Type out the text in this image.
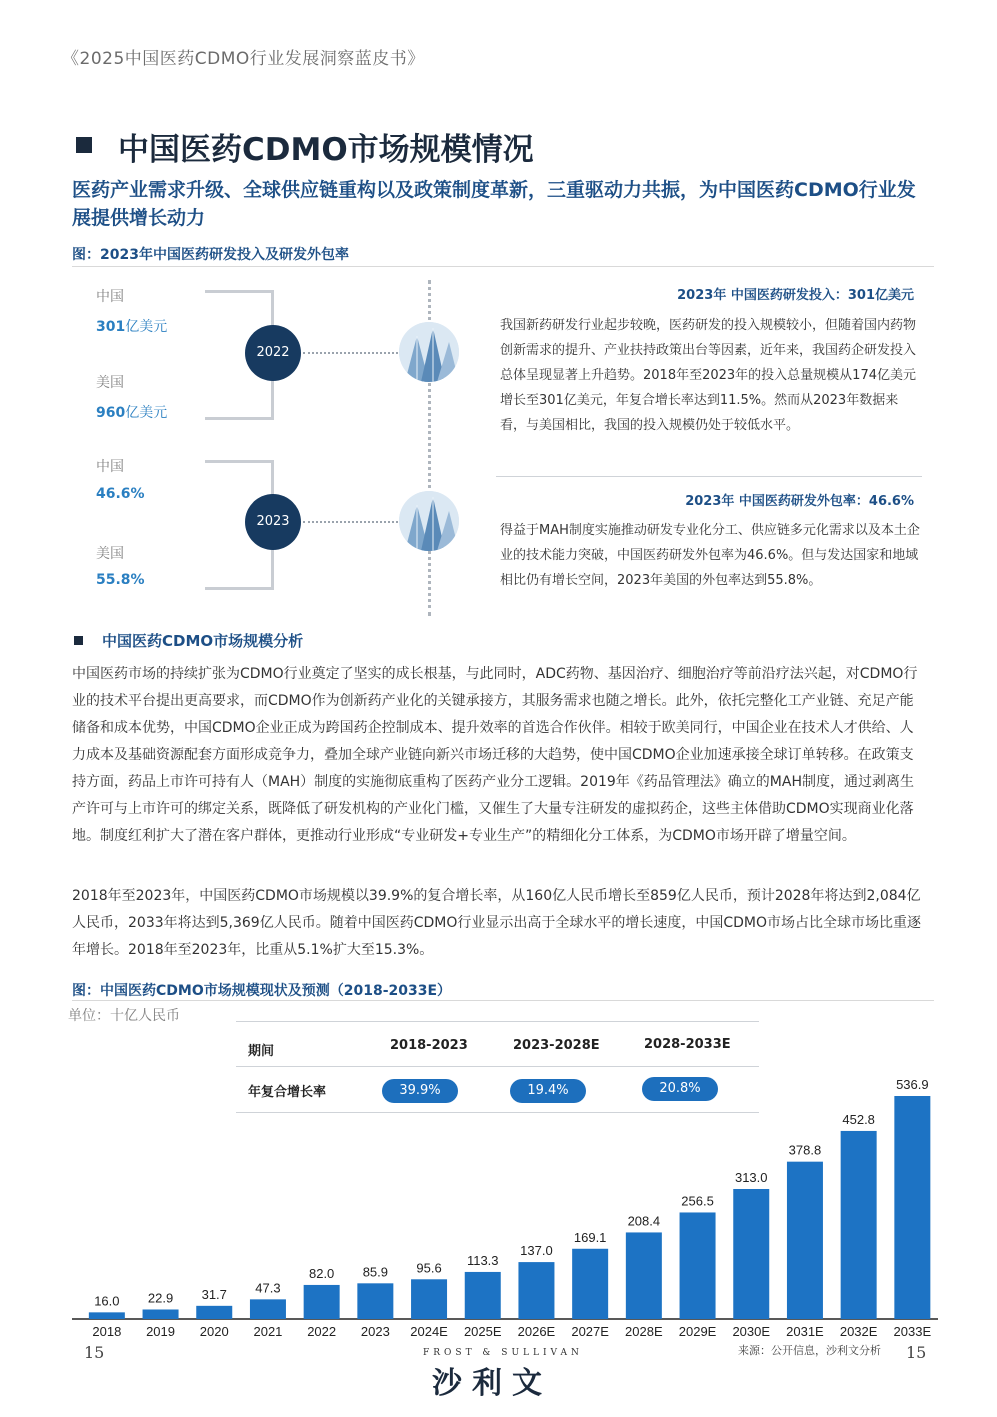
《2025中国医药CDMO行业发展洞察蓝皮书》
中国医药CDMO市场规模情况
医药产业需求升级、全球供应链重构以及政策制度革新，三重驱动力共振，为中国医药CDMO行业发展提供增长动力
图：2023年中国医药研发投入及研发外包率
中国
301亿美元
美国
960亿美元
2022
中国
46.6%
美国
55.8%
2023
2023年 中国医药研发投入：301亿美元
我国新药研发行业起步较晚，医药研发的投入规模较小，但随着国内药物创新需求的提升、产业扶持政策出台等因素，近年来，我国药企研发投入总体呈现显著上升趋势。2018年至2023年的投入总量规模从174亿美元增长至301亿美元，年复合增长率达到11.5%。然而从2023年数据来看，与美国相比，我国的投入规模仍处于较低水平。
2023年 中国医药研发外包率：46.6%
得益于MAH制度实施推动研发专业化分工、供应链多元化需求以及本土企业的技术能力突破，中国医药研发外包率为46.6%。但与发达国家和地域相比仍有增长空间，2023年美国的外包率达到55.8%。
中国医药CDMO市场规模分析
中国医药市场的持续扩张为CDMO行业奠定了坚实的成长根基，与此同时，ADC药物、基因治疗、细胞治疗等前沿疗法兴起，对CDMO行业的技术平台提出更高要求，而CDMO作为创新药产业化的关键承接方，其服务需求也随之增长。此外，依托完整化工产业链、充足产能储备和成本优势，中国CDMO企业正成为跨国药企控制成本、提升效率的首选合作伙伴。相较于欧美同行，中国企业在技术人才供给、人力成本及基础资源配套方面形成竞争力，叠加全球产业链向新兴市场迁移的大趋势，使中国CDMO企业加速承接全球订单转移。在政策支持方面，药品上市许可持有人（MAH）制度的实施彻底重构了医药产业分工逻辑。2019年《药品管理法》确立的MAH制度，通过剥离生产许可与上市许可的绑定关系，既降低了研发机构的产业化门槛，又催生了大量专注研发的虚拟药企，这些主体借助CDMO实现商业化落地。制度红利扩大了潜在客户群体，更推动行业形成“专业研发+专业生产”的精细化分工体系，为CDMO市场开辟了增量空间。
2018年至2023年，中国医药CDMO市场规模以39.9%的复合增长率，从160亿人民币增长至859亿人民币，预计2028年将达到2,084亿人民币，2033年将达到5,369亿人民币。随着中国医药CDMO行业显示出高于全球水平的增长速度，中国CDMO市场占比全球市场比重逐年增长。2018年至2023年，比重从5.1%扩大至15.3%。
图：中国医药CDMO市场规模现状及预测（2018-2033E）
单位：十亿人民币
期间	2018-2023	2023-2028E	2028-2033E
年复合增长率	39.9%	19.4%	20.8%
16.0
2018
22.9
2019
31.7
2020
47.3
2021
82.0
2022
85.9
2023
95.6
2024E
113.3
2025E
137.0
2026E
169.1
2027E
208.4
2028E
256.5
2029E
313.0
2030E
378.8
2031E
452.8
2032E
536.9
2033E
15	15
来源：公开信息，沙利文分析
FROST & SULLIVAN
沙利文
